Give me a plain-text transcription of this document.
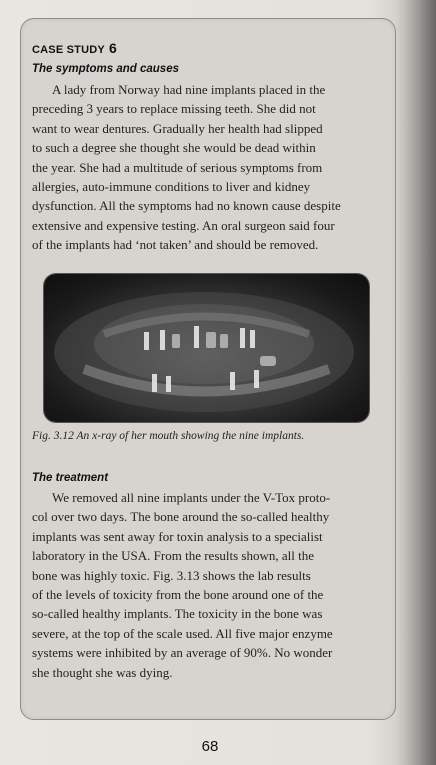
CASE STUDY 6
The symptoms and causes
A lady from Norway had nine implants placed in the
preceding 3 years to replace missing teeth. She did not
want to wear dentures. Gradually her health had slipped
to such a degree she thought she would be dead within
the year. She had a multitude of serious symptoms from
allergies, auto-immune conditions to liver and kidney
dysfunction. All the symptoms had no known cause despite
extensive and expensive testing. An oral surgeon said four
of the implants had ‘not taken’ and should be removed.
Fig. 3.12 An x-ray of her mouth showing the nine implants.
The treatment
We removed all nine implants under the V-Tox proto-
col over two days. The bone around the so-called healthy
implants was sent away for toxin analysis to a specialist
laboratory in the USA. From the results shown, all the
bone was highly toxic. Fig. 3.13 shows the lab results
of the levels of toxicity from the bone around one of the
so-called healthy implants. The toxicity in the bone was
severe, at the top of the scale used. All five major enzyme
systems were inhibited by an average of 90%. No wonder
she thought she was dying.
68
